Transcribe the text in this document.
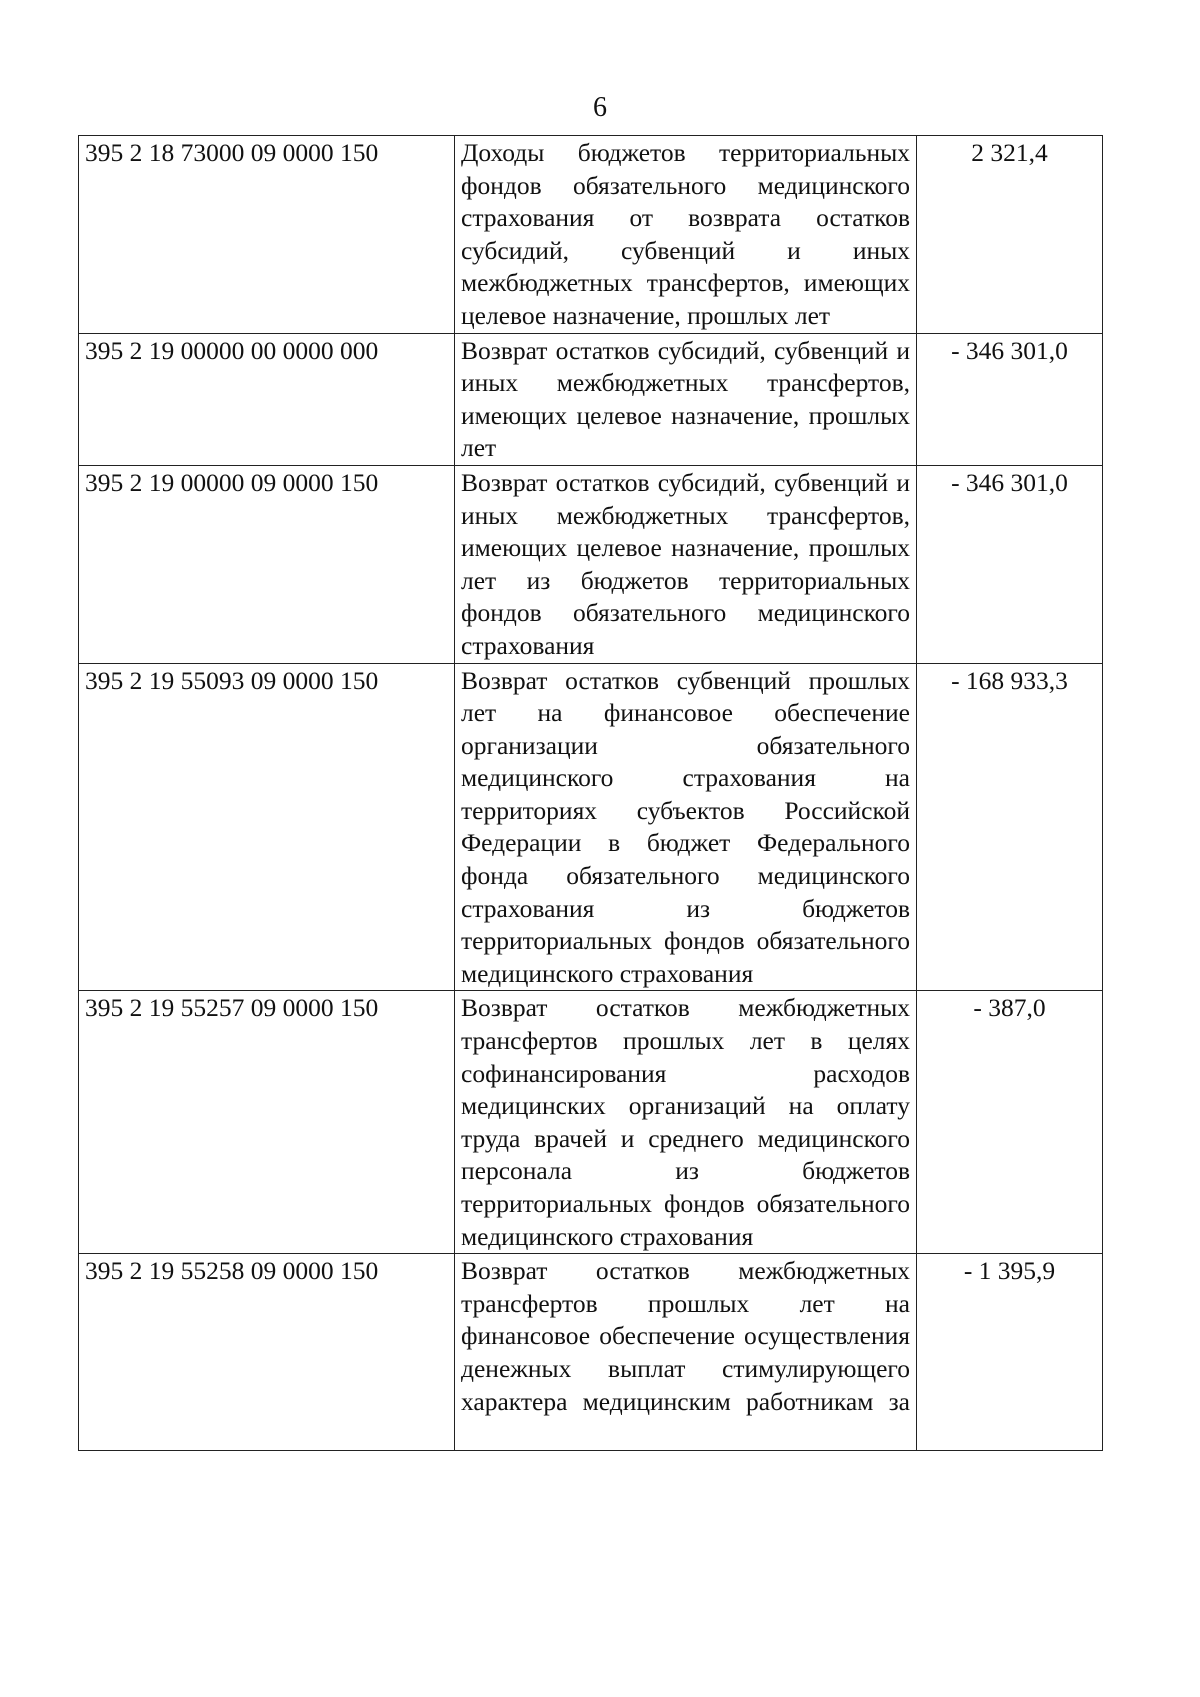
6
395 2 18 73000 09 0000 150	Доходы бюджетов территориальных фондов обязательного медицинского страхования от возврата остатков субсидий, субвенций и иных межбюджетных трансфертов, имеющих целевое назначение, прошлых лет	2 321,4
395 2 19 00000 00 0000 000	Возврат остатков субсидий, субвенций и иных межбюджетных трансфертов, имеющих целевое назначение, прошлых лет	- 346 301,0
395 2 19 00000 09 0000 150	Возврат остатков субсидий, субвенций и иных межбюджетных трансфертов, имеющих целевое назначение, прошлых лет из бюджетов территориальных фондов обязательного медицинского страхования	- 346 301,0
395 2 19 55093 09 0000 150	Возврат остатков субвенций прошлых лет на финансовое обеспечение организации обязательного медицинского страхования на территориях субъектов Российской Федерации в бюджет Федерального фонда обязательного медицинского страхования из бюджетов территориальных фондов обязательного медицинского страхования	- 168 933,3
395 2 19 55257 09 0000 150	Возврат остатков межбюджетных трансфертов прошлых лет в целях софинансирования расходов медицинских организаций на оплату труда врачей и среднего медицинского персонала из бюджетов территориальных фондов обязательного медицинского страхования	- 387,0
395 2 19 55258 09 0000 150	Возврат остатков межбюджетных трансфертов прошлых лет на финансовое обеспечение осуществления денежных выплат стимулирующего характера медицинским работникам за	- 1 395,9
